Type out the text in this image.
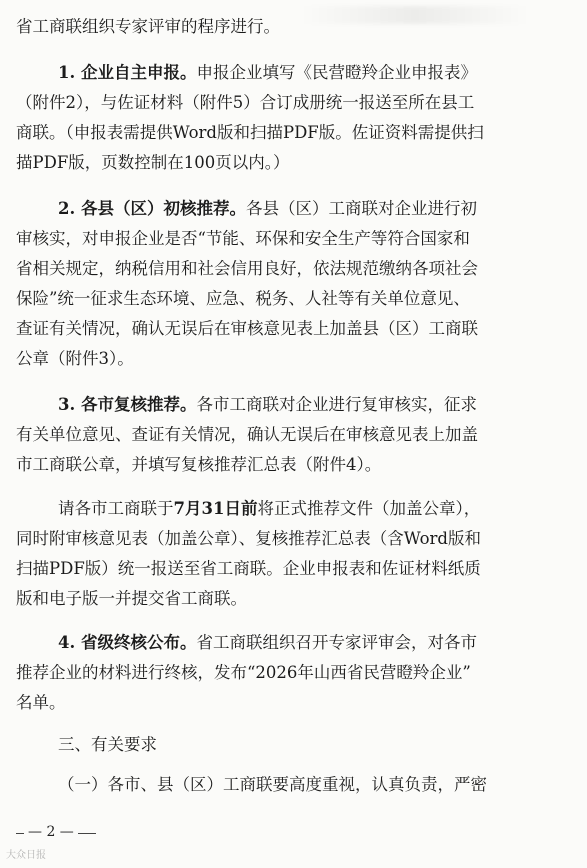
省工商联组织专家评审的程序进行。
1. 企业自主申报。申报企业填写《民营瞪羚企业申报表》
（附件2），与佐证材料（附件5）合订成册统一报送至所在县工
商联。（申报表需提供Word版和扫描PDF版。佐证资料需提供扫
描PDF版，页数控制在100页以内。）
2. 各县（区）初核推荐。各县（区）工商联对企业进行初
审核实，对申报企业是否“节能、环保和安全生产等符合国家和
省相关规定，纳税信用和社会信用良好，依法规范缴纳各项社会
保险”统一征求生态环境、应急、税务、人社等有关单位意见、
查证有关情况，确认无误后在审核意见表上加盖县（区）工商联
公章（附件3）。
3. 各市复核推荐。各市工商联对企业进行复审核实，征求
有关单位意见、查证有关情况，确认无误后在审核意见表上加盖
市工商联公章，并填写复核推荐汇总表（附件4）。
请各市工商联于7月31日前将正式推荐文件（加盖公章），
同时附审核意见表（加盖公章）、复核推荐汇总表（含Word版和
扫描PDF版）统一报送至省工商联。企业申报表和佐证材料纸质
版和电子版一并提交省工商联。
4. 省级终核公布。省工商联组织召开专家评审会，对各市
推荐企业的材料进行终核，发布“2026年山西省民营瞪羚企业”
名单。
三、有关要求
（一）各市、县（区）工商联要高度重视，认真负责，严密
— 2 —
大众日报
